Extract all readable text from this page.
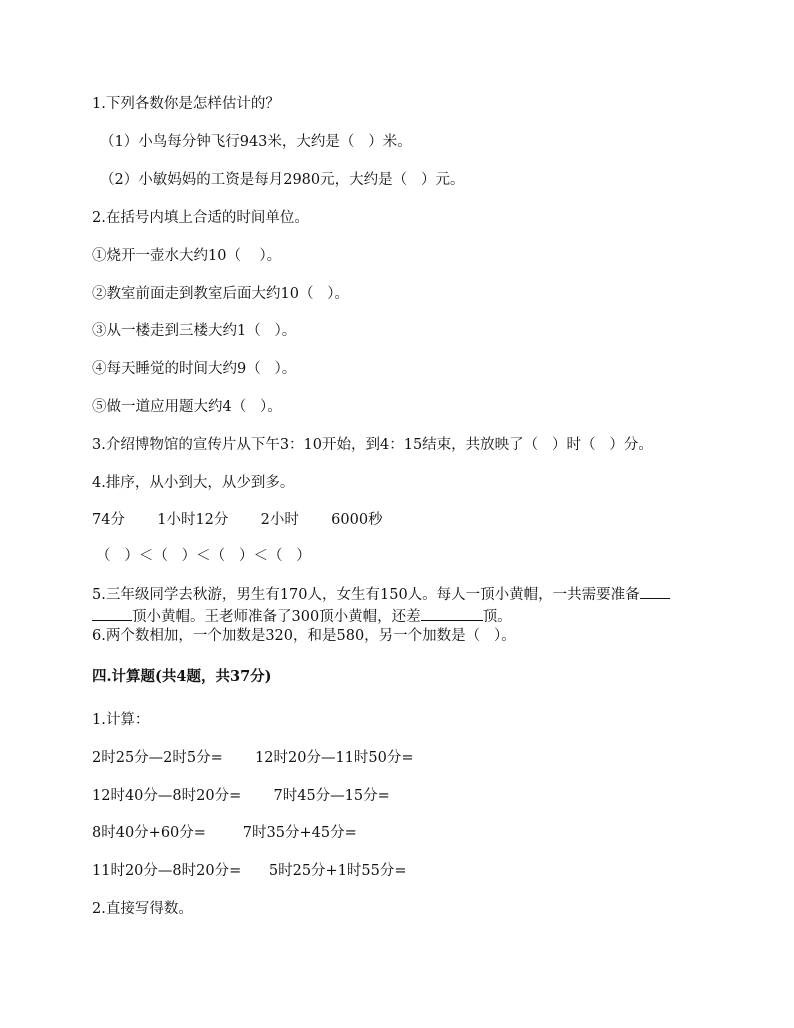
1.下列各数你是怎样估计的？
（1）小鸟每分钟飞行943米，大约是（   ）米。
（2）小敏妈妈的工资是每月2980元，大约是（   ）元。
2.在括号内填上合适的时间单位。
①烧开一壶水大约10（    ）。
②教室前面走到教室后面大约10（   ）。
③从一楼走到三楼大约1（   ）。
④每天睡觉的时间大约9（   ）。
⑤做一道应用题大约4（   ）。
3.介绍博物馆的宣传片从下午3：10开始，到4：15结束，共放映了（   ）时（   ）分。
4.排序，从小到大，从少到多。
74分       1小时12分       2小时       6000秒
（   ）＜（   ）＜（   ）＜（   ）
5.三年级同学去秋游，男生有170人，女生有150人。每人一顶小黄帽，一共需要准备
顶小黄帽。王老师准备了300顶小黄帽，还差	顶。
6.两个数相加，一个加数是320，和是580，另一个加数是（   ）。
四.计算题(共4题，共37分)
1.计算：
2时25分—2时5分=       12时20分—11时50分=
12时40分—8时20分=       7时45分—15分=
8时40分+60分=        7时35分+45分=
11时20分—8时20分=      5时25分+1时55分=
2.直接写得数。
